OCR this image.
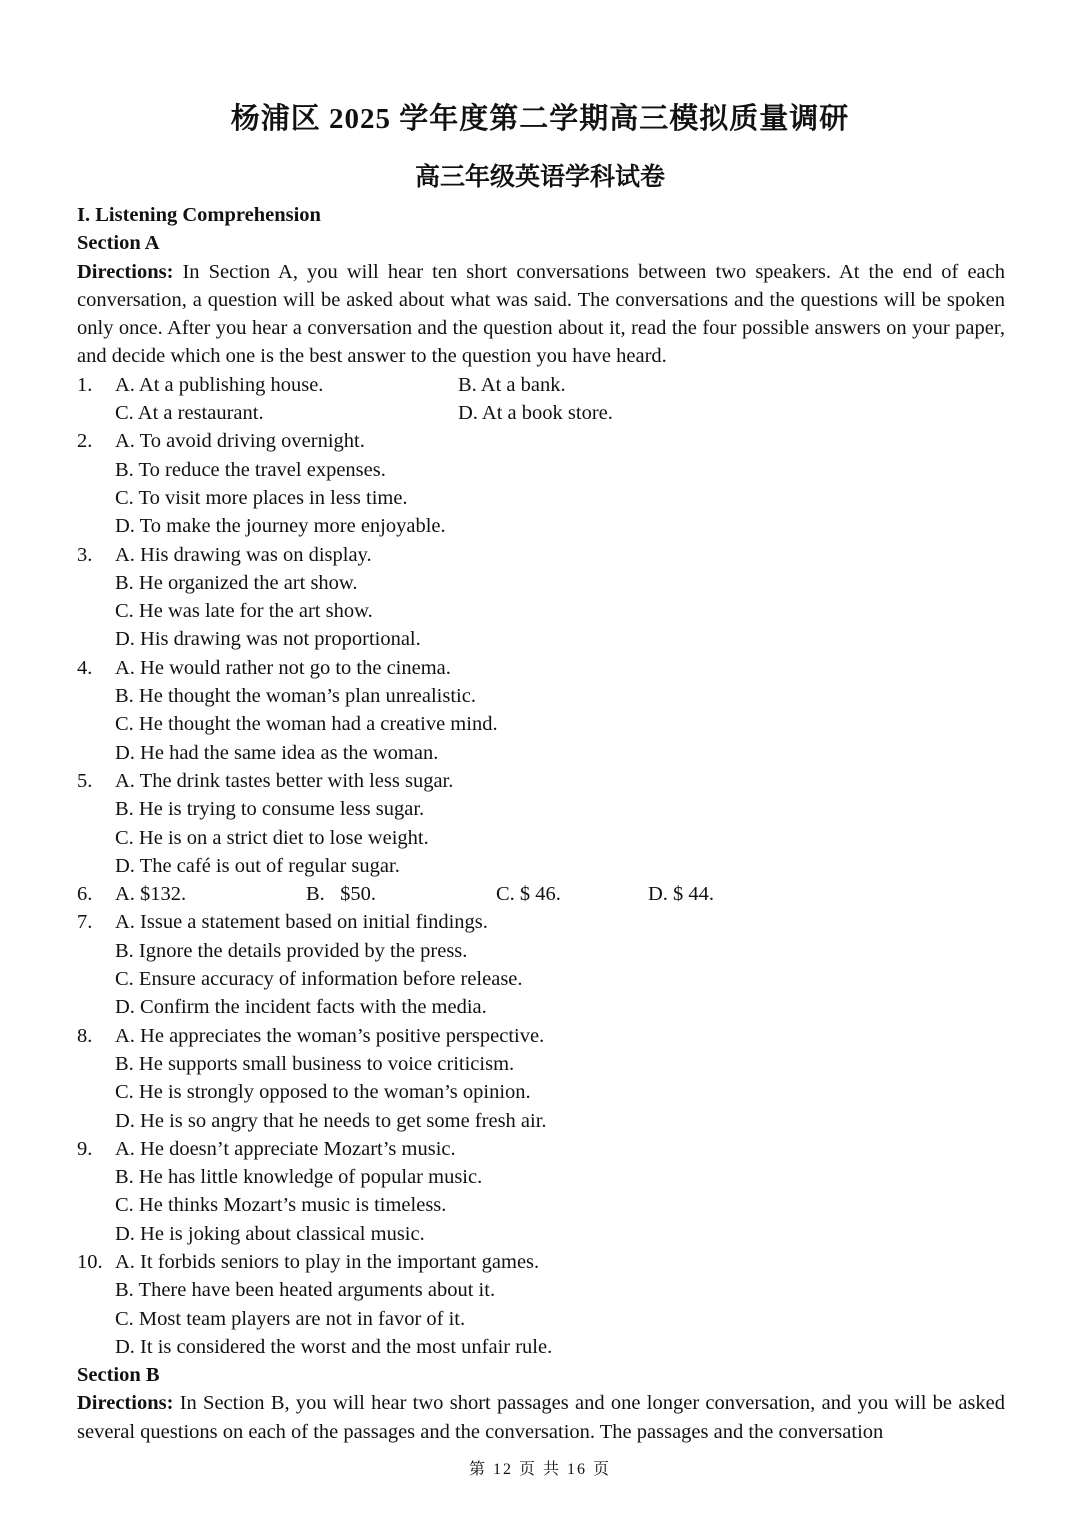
杨浦区 2025 学年度第二学期高三模拟质量调研
高三年级英语学科试卷
I. Listening Comprehension
Section A
Directions: In Section A, you will hear ten short conversations between two speakers. At the end of each conversation, a question will be asked about what was said. The conversations and the questions will be spoken only once. After you hear a conversation and the question about it, read the four possible answers on your paper, and decide which one is the best answer to the question you have heard.
1. A. At a publishing house.	B. At a bank.
C. At a restaurant.	D. At a book store.
2. A. To avoid driving overnight.
B. To reduce the travel expenses.
C. To visit more places in less time.
D. To make the journey more enjoyable.
3. A. His drawing was on display.
B. He organized the art show.
C. He was late for the art show.
D. His drawing was not proportional.
4. A. He would rather not go to the cinema.
B. He thought the woman’s plan unrealistic.
C. He thought the woman had a creative mind.
D. He had the same idea as the woman.
5. A. The drink tastes better with less sugar.
B. He is trying to consume less sugar.
C. He is on a strict diet to lose weight.
D. The café is out of regular sugar.
6. A. $132.	B.   $50.	C. $ 46.	D. $ 44.
7. A. Issue a statement based on initial findings.
B. Ignore the details provided by the press.
C. Ensure accuracy of information before release.
D. Confirm the incident facts with the media.
8. A. He appreciates the woman’s positive perspective.
B. He supports small business to voice criticism.
C. He is strongly opposed to the woman’s opinion.
D. He is so angry that he needs to get some fresh air.
9. A. He doesn’t appreciate Mozart’s music.
B. He has little knowledge of popular music.
C. He thinks Mozart’s music is timeless.
D. He is joking about classical music.
10. A. It forbids seniors to play in the important games.
B. There have been heated arguments about it.
C. Most team players are not in favor of it.
D. It is considered the worst and the most unfair rule.
Section B
Directions: In Section B, you will hear two short passages and one longer conversation, and you will be asked several questions on each of the passages and the conversation. The passages and the conversation
第 12 页 共 16 页
